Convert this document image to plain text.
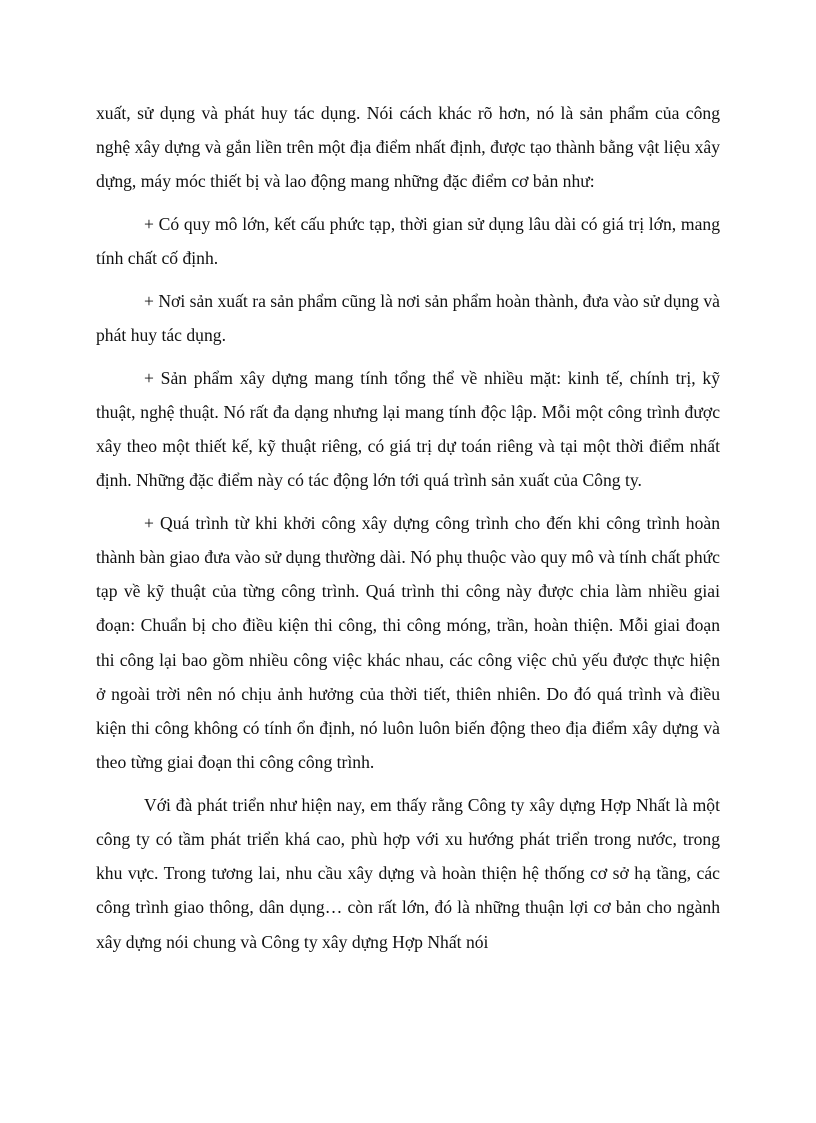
xuất, sử dụng và phát huy tác dụng. Nói cách khác rõ hơn, nó là sản phẩm của công nghệ xây dựng và gắn liền trên một địa điểm nhất định, được tạo thành bằng vật liệu xây dựng, máy móc thiết bị và lao động mang những đặc điểm cơ bản như:

+ Có quy mô lớn, kết cấu phức tạp, thời gian sử dụng lâu dài có giá trị lớn, mang tính chất cố định.

+ Nơi sản xuất ra sản phẩm cũng là nơi sản phẩm hoàn thành, đưa vào sử dụng và phát huy tác dụng.

+ Sản phẩm xây dựng mang tính tổng thể về nhiều mặt: kinh tế, chính trị, kỹ thuật, nghệ thuật. Nó rất đa dạng nhưng lại mang tính độc lập. Mỗi một công trình được xây theo một thiết kế, kỹ thuật riêng, có giá trị dự toán riêng và tại một thời điểm nhất định. Những đặc điểm này có tác động lớn tới quá trình sản xuất của Công ty.

+ Quá trình từ khi khởi công xây dựng công trình cho đến khi công trình hoàn thành bàn giao đưa vào sử dụng thường dài. Nó phụ thuộc vào quy mô và tính chất phức tạp về kỹ thuật của từng công trình. Quá trình thi công này được chia làm nhiều giai đoạn: Chuẩn bị cho điều kiện thi công, thi công móng, trần, hoàn thiện. Mỗi giai đoạn thi công lại bao gồm nhiều công việc khác nhau, các công việc chủ yếu được thực hiện ở ngoài trời nên nó chịu ảnh hưởng của thời tiết, thiên nhiên. Do đó quá trình và điều kiện thi công không có tính ổn định, nó luôn luôn biến động theo địa điểm xây dựng và theo từng giai đoạn thi công công trình.

Với đà phát triển như hiện nay, em thấy rằng Công ty xây dựng Hợp Nhất là một công ty có tầm phát triển khá cao, phù hợp với xu hướng phát triển trong nước, trong khu vực. Trong tương lai, nhu cầu xây dựng và hoàn thiện hệ thống cơ sở hạ tầng, các công trình giao thông, dân dụng… còn rất lớn, đó là những thuận lợi cơ bản cho ngành xây dựng nói chung và Công ty xây dựng Hợp Nhất nói
